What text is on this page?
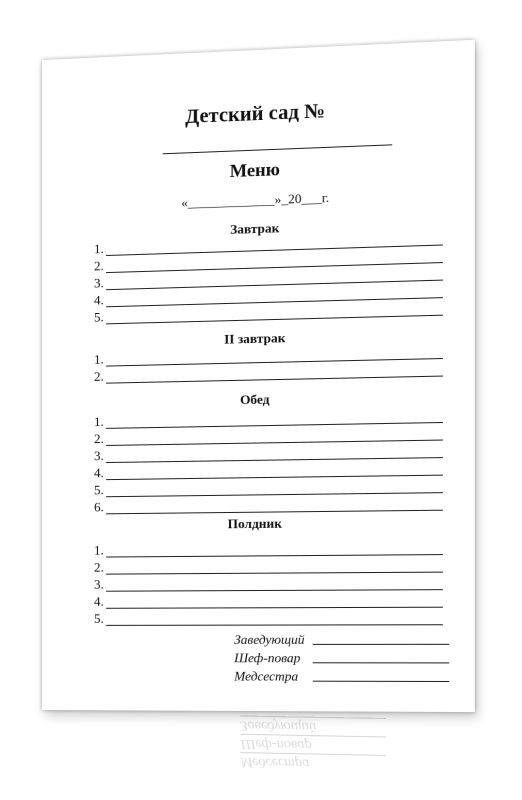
Детский сад №
Меню
«_____________»_20___г.
Завтрак
1.
2.
3.
4.
5.
II завтрак
1.
2.
Обед
1.
2.
3.
4.
5.
6.
Полдник
1.
2.
3.
4.
5.
Заведующий
Шеф-повар
Медсестра
Медсестра
Шеф-повар
Заведующий
